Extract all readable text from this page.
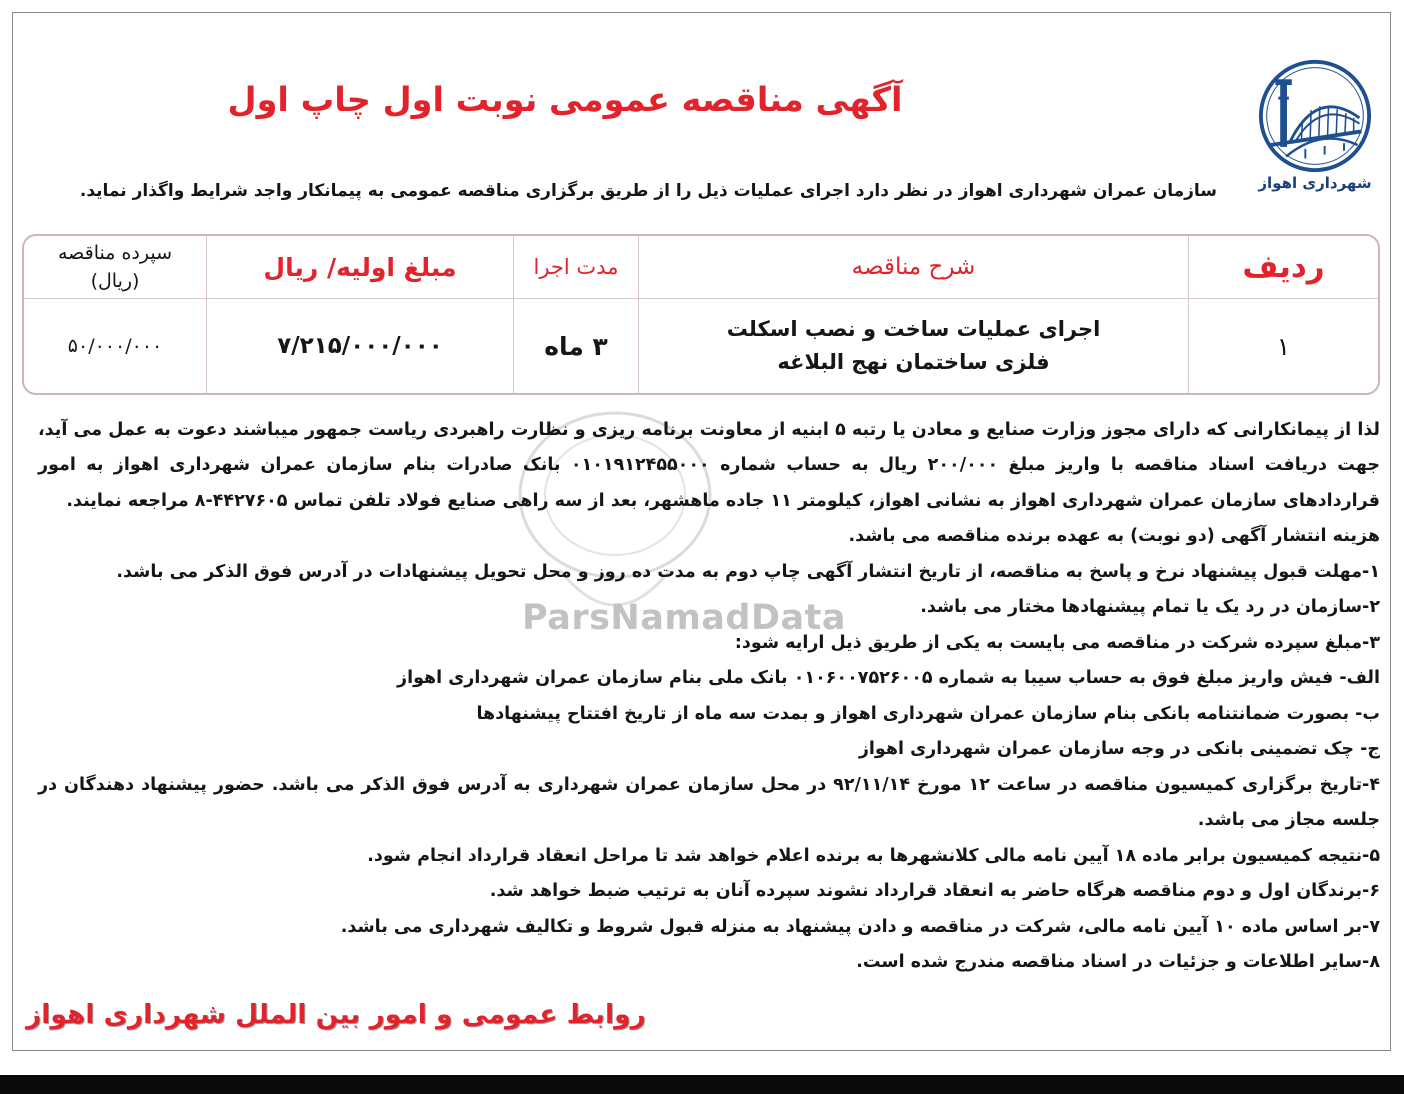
ParsNamadData
آگهی مناقصه عمومی نوبت اول چاپ اول
شهرداری اهواز
سازمان عمران شهرداری اهواز در نظر دارد اجرای عملیات ذیل را از طریق برگزاری مناقصه عمومی به پیمانکار واجد شرایط واگذار نماید.
ردیف
شرح مناقصه
مدت اجرا
مبلغ اولیه/ ریال
سپرده مناقصه
(ریال)
۱
اجرای عملیات ساخت و نصب اسکلت
فلزی ساختمان نهج البلاغه
۳ ماه
۷/۲۱۵/۰۰۰/۰۰۰
۵۰/۰۰۰/۰۰۰

لذا از پیمانکارانی که دارای مجوز وزارت صنایع و معادن یا رتبه ۵ ابنیه از معاونت برنامه ریزی و نظارت راهبردی ریاست جمهور میباشند دعوت به عمل می آید، جهت دریافت اسناد مناقصه با واریز مبلغ ۲۰۰/۰۰۰ ریال به حساب شماره ۰۱۰۱۹۱۲۴۵۵۰۰۰ بانک صادرات بنام سازمان عمران شهرداری اهواز به امور قراردادهای سازمان عمران شهرداری اهواز به نشانی اهواز، کیلومتر ۱۱ جاده ماهشهر، بعد از سه راهی صنایع فولاد تلفن تماس ۴۴۲۷۶۰۵-۸ مراجعه نمایند.

هزینه انتشار آگهی (دو نوبت) به عهده برنده مناقصه می باشد.

۱-مهلت قبول پیشنهاد نرخ و پاسخ به مناقصه، از تاریخ انتشار آگهی چاپ دوم به مدت ده روز و محل تحویل پیشنهادات در آدرس فوق الذکر می باشد.

۲-سازمان در رد یک یا تمام پیشنهادها مختار می باشد.

۳-مبلغ سپرده شرکت در مناقصه می بایست به یکی از طریق ذیل ارایه شود:

الف- فیش واریز مبلغ فوق به حساب سیبا به شماره ۰۱۰۶۰۰۷۵۲۶۰۰۵ بانک ملی بنام سازمان عمران شهرداری اهواز

ب- بصورت ضمانتنامه بانکی بنام سازمان عمران شهرداری اهواز و بمدت سه ماه از تاریخ افتتاح پیشنهادها

ج- چک تضمینی بانکی در وجه سازمان عمران شهرداری اهواز

۴-تاریخ برگزاری کمیسیون مناقصه در ساعت ۱۲ مورخ ۹۲/۱۱/۱۴ در محل سازمان عمران شهرداری به آدرس فوق الذکر می باشد. حضور پیشنهاد دهندگان در جلسه مجاز می باشد.

۵-نتیجه کمیسیون برابر ماده ۱۸ آیین نامه مالی کلانشهرها به برنده اعلام خواهد شد تا مراحل انعقاد قرارداد انجام شود.

۶-برندگان اول و دوم مناقصه هرگاه حاضر به انعقاد قرارداد نشوند سپرده آنان به ترتیب ضبط خواهد شد.

۷-بر اساس ماده ۱۰ آیین نامه مالی، شرکت در مناقصه و دادن پیشنهاد به منزله قبول شروط و تکالیف شهرداری می باشد.

۸-سایر اطلاعات و جزئیات در اسناد مناقصه مندرج شده است.

روابط عمومی و امور بین الملل شهرداری اهواز
